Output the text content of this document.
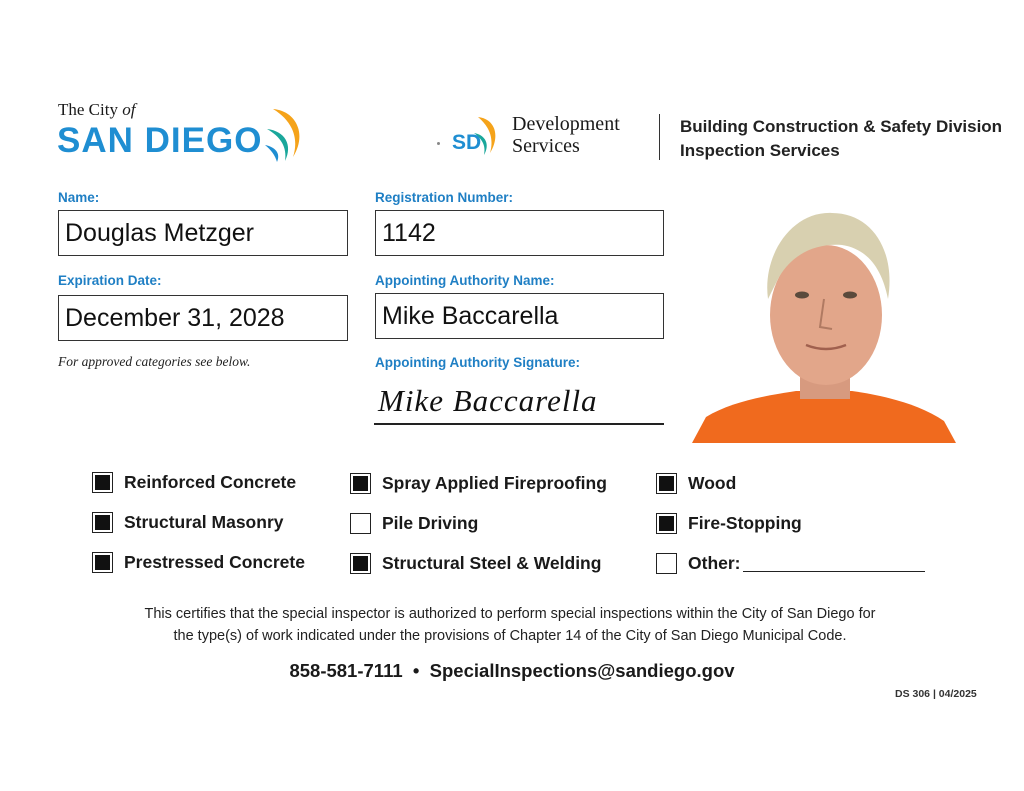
The City of
SAN DIEGO	SD
Development
Services
Building Construction & Safety Division
Inspection Services
Name:
Douglas Metzger
Expiration Date:
December 31, 2028
For approved categories see below.
Registration Number:
1142
Appointing Authority Name:
Mike Baccarella
Appointing Authority Signature:
Mike Baccarella
Reinforced Concrete
Structural Masonry
Prestressed Concrete
Spray Applied Fireproofing
Pile Driving
Structural Steel & Welding
Wood
Fire-Stopping
Other:
This certifies that the special inspector is authorized to perform special inspections within the City of San Diego for
the type(s) of work indicated under the provisions of Chapter 14 of the City of San Diego Municipal Code.
858-581-7111 • SpecialInspections@sandiego.gov
DS 306 | 04/2025
